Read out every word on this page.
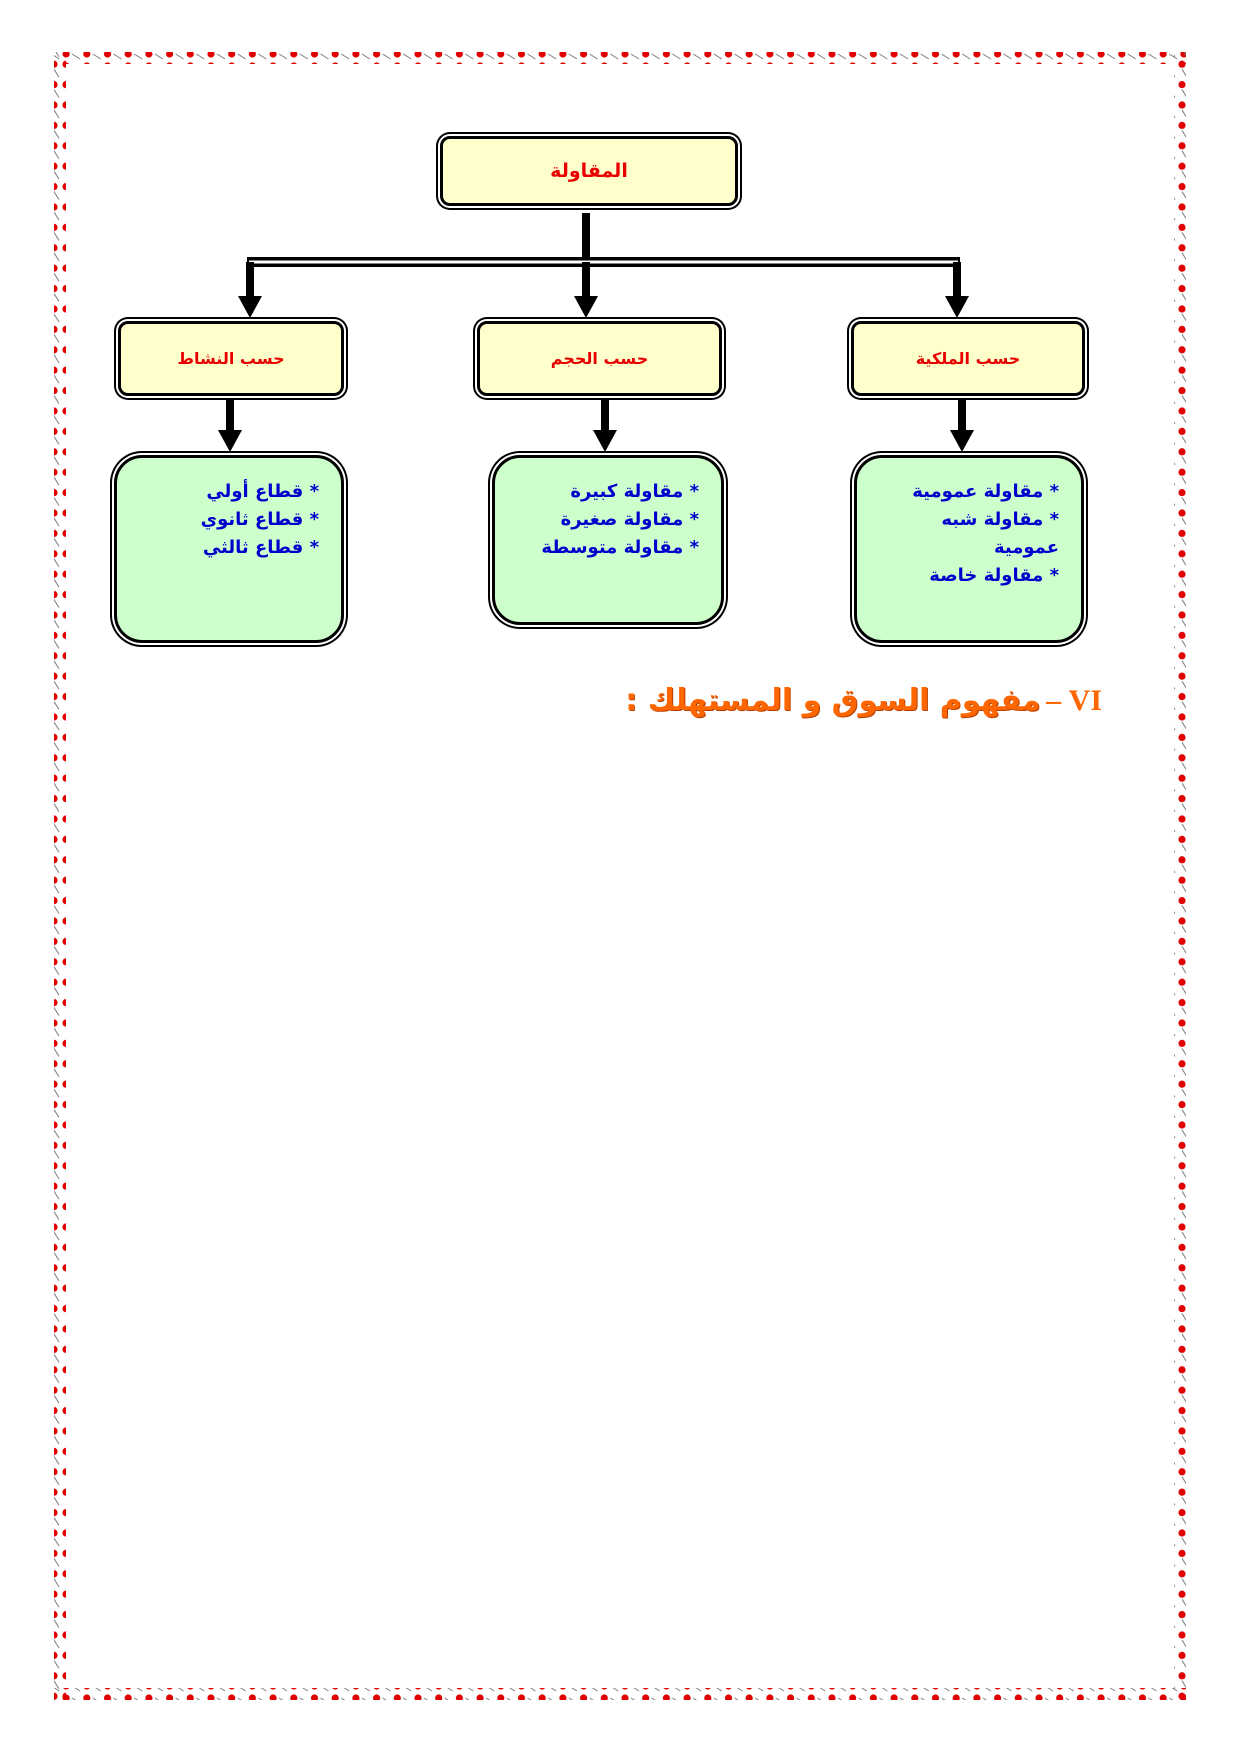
المقاولة
حسب الملكية
حسب الحجم
حسب النشاط
* مقاولة عمومية
* مقاولة شبه عمومية
* مقاولة خاصة
* مقاولة كبيرة
* مقاولة صغيرة
* مقاولة متوسطة
* قطاع أولي
* قطاع ثانوي
* قطاع ثالثي
VI – مفهوم السوق و المستهلك :
